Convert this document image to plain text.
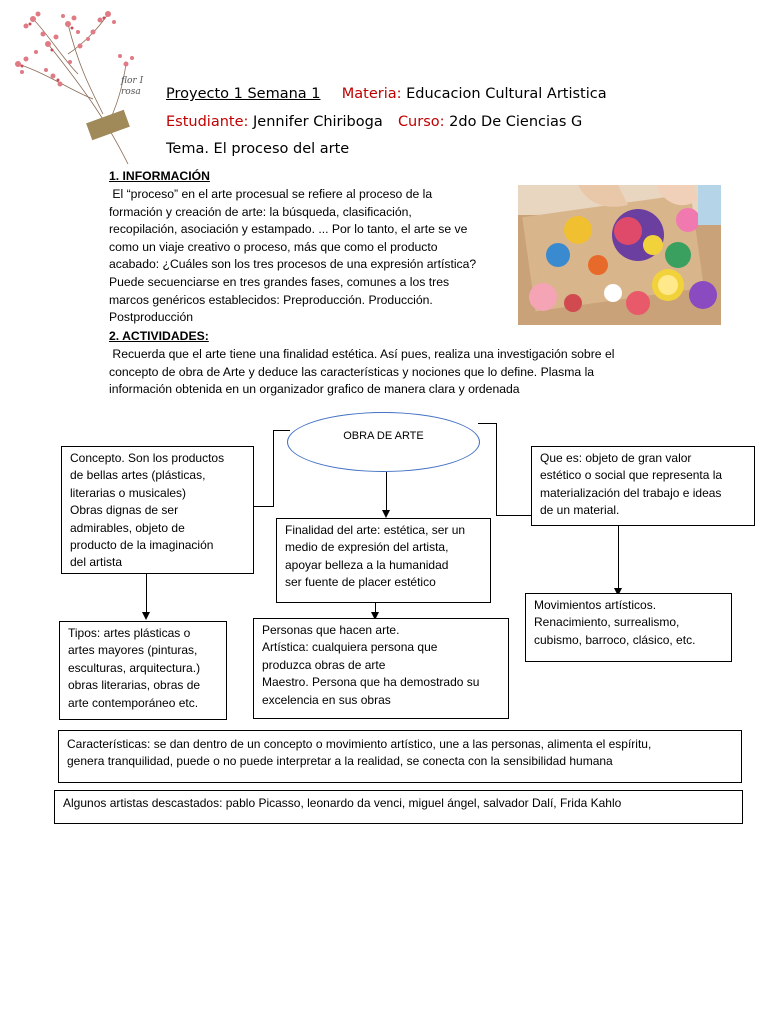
flor I
rosa Proyecto 1 Semana 1 Materia: Educacion Cultural Artistica
Estudiante: Jennifer Chiriboga Curso: 2do De Ciencias G
Tema. El proceso del arte
1. INFORMACIÓN
El “proceso” en el arte procesual se refiere al proceso de la
formación y creación de arte: la búsqueda, clasificación,
recopilación, asociación y estampado. ... Por lo tanto, el arte se ve
como un viaje creativo o proceso, más que como el producto
acabado: ¿Cuáles son los tres procesos de una expresión artística?
Puede secuenciarse en tres grandes fases, comunes a los tres
marcos genéricos establecidos: Preproducción. Producción.
Postproducción
2. ACTIVIDADES:
Recuerda que el arte tiene una finalidad estética. Así pues, realiza una investigación sobre el
concepto de obra de Arte y deduce las características y nociones que lo define. Plasma la
información obtenida en un organizador grafico de manera clara y ordenada
OBRA DE ARTE
Concepto. Son los productos
de bellas artes (plásticas,
literarias o musicales)
Obras dignas de ser
admirables, objeto de
producto de la imaginación
del artista
Finalidad del arte: estética, ser un
medio de expresión del artista,
apoyar belleza a la humanidad
ser fuente de placer estético
Que es: objeto de gran valor
estético o social que representa la
materialización del trabajo e ideas
de un material.
Tipos: artes plásticas o
artes mayores (pinturas,
esculturas, arquitectura.)
obras literarias, obras de
arte contemporáneo etc.
Personas que hacen arte.
Artística: cualquiera persona que
produzca obras de arte
Maestro. Persona que ha demostrado su
excelencia en sus obras
Movimientos artísticos.
Renacimiento, surrealismo,
cubismo, barroco, clásico, etc.
Características: se dan dentro de un concepto o movimiento artístico, une a las personas, alimenta el espíritu,
genera tranquilidad, puede o no puede interpretar a la realidad, se conecta con la sensibilidad humana
Algunos artistas descastados: pablo Picasso, leonardo da venci, miguel ángel, salvador Dalí, Frida Kahlo
